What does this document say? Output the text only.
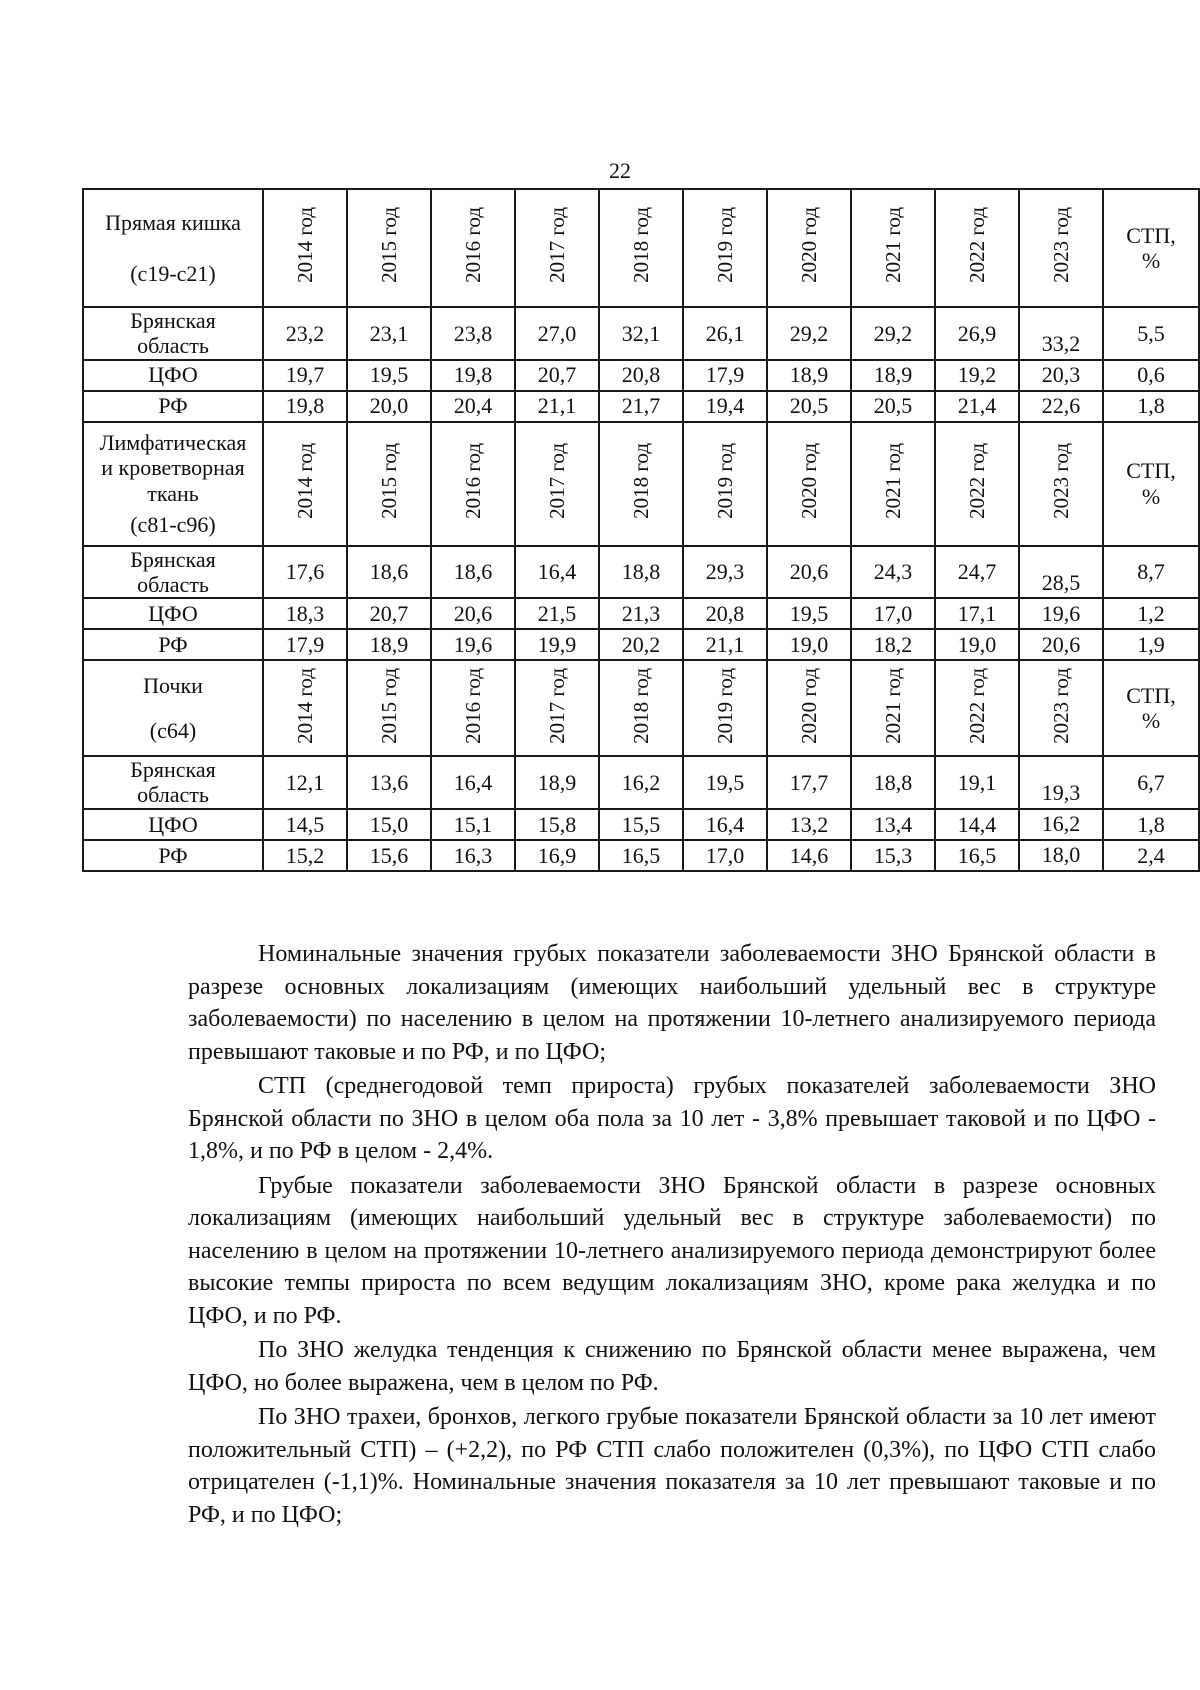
22
Прямая кишка
(с19-с21)	2014 год	2015 год	2016 год	2017 год	2018 год	2019 год	2020 год	2021 год	2022 год	2023 год	СТП,
%

Брянская
область	23,2	23,1	23,8	27,0	32,1	26,1	29,2	29,2	26,9	33,2	5,5

ЦФО	19,7	19,5	19,8	20,7	20,8	17,9	18,9	18,9	19,2	20,3	0,6

РФ	19,8	20,0	20,4	21,1	21,7	19,4	20,5	20,5	21,4	22,6	1,8

Лимфатическая
и кроветворная
ткань
(с81-с96)	2014 год	2015 год	2016 год	2017 год	2018 год	2019 год	2020 год	2021 год	2022 год	2023 год	СТП,
%

Брянская
область	17,6	18,6	18,6	16,4	18,8	29,3	20,6	24,3	24,7	28,5	8,7

ЦФО	18,3	20,7	20,6	21,5	21,3	20,8	19,5	17,0	17,1	19,6	1,2

РФ	17,9	18,9	19,6	19,9	20,2	21,1	19,0	18,2	19,0	20,6	1,9

Почки
(с64)	2014 год	2015 год	2016 год	2017 год	2018 год	2019 год	2020 год	2021 год	2022 год	2023 год	СТП,
%

Брянская
область	12,1	13,6	16,4	18,9	16,2	19,5	17,7	18,8	19,1	19,3	6,7

ЦФО	14,5	15,0	15,1	15,8	15,5	16,4	13,2	13,4	14,4	16,2	1,8

РФ	15,2	15,6	16,3	16,9	16,5	17,0	14,6	15,3	16,5	18,0	2,4

Номинальные значения грубых показатели заболеваемости ЗНО Брянской области в разрезе основных локализациям (имеющих наибольший удельный вес в структуре заболеваемости) по населению в целом на протяжении 10-летнего анализируемого периода превышают таковые и по РФ, и по ЦФО;

СТП (среднегодовой темп прироста) грубых показателей заболеваемости ЗНО Брянской области по ЗНО в целом оба пола за 10 лет - 3,8% превышает таковой и по ЦФО - 1,8%, и по РФ в целом - 2,4%.

Грубые показатели заболеваемости ЗНО Брянской области в разрезе основных локализациям (имеющих наибольший удельный вес в структуре заболеваемости) по населению в целом на протяжении 10-летнего анализируемого периода демонстрируют более высокие темпы прироста по всем ведущим локализациям ЗНО, кроме рака желудка и по ЦФО, и по РФ.

По ЗНО желудка тенденция к снижению по Брянской области менее выражена, чем ЦФО, но более выражена, чем в целом по РФ.

По ЗНО трахеи, бронхов, легкого грубые показатели Брянской области за 10 лет имеют положительный СТП) – (+2,2), по РФ СТП слабо положителен (0,3%), по ЦФО СТП слабо отрицателен (-1,1)%. Номинальные значения показателя за 10 лет превышают таковые и по РФ, и по ЦФО;
